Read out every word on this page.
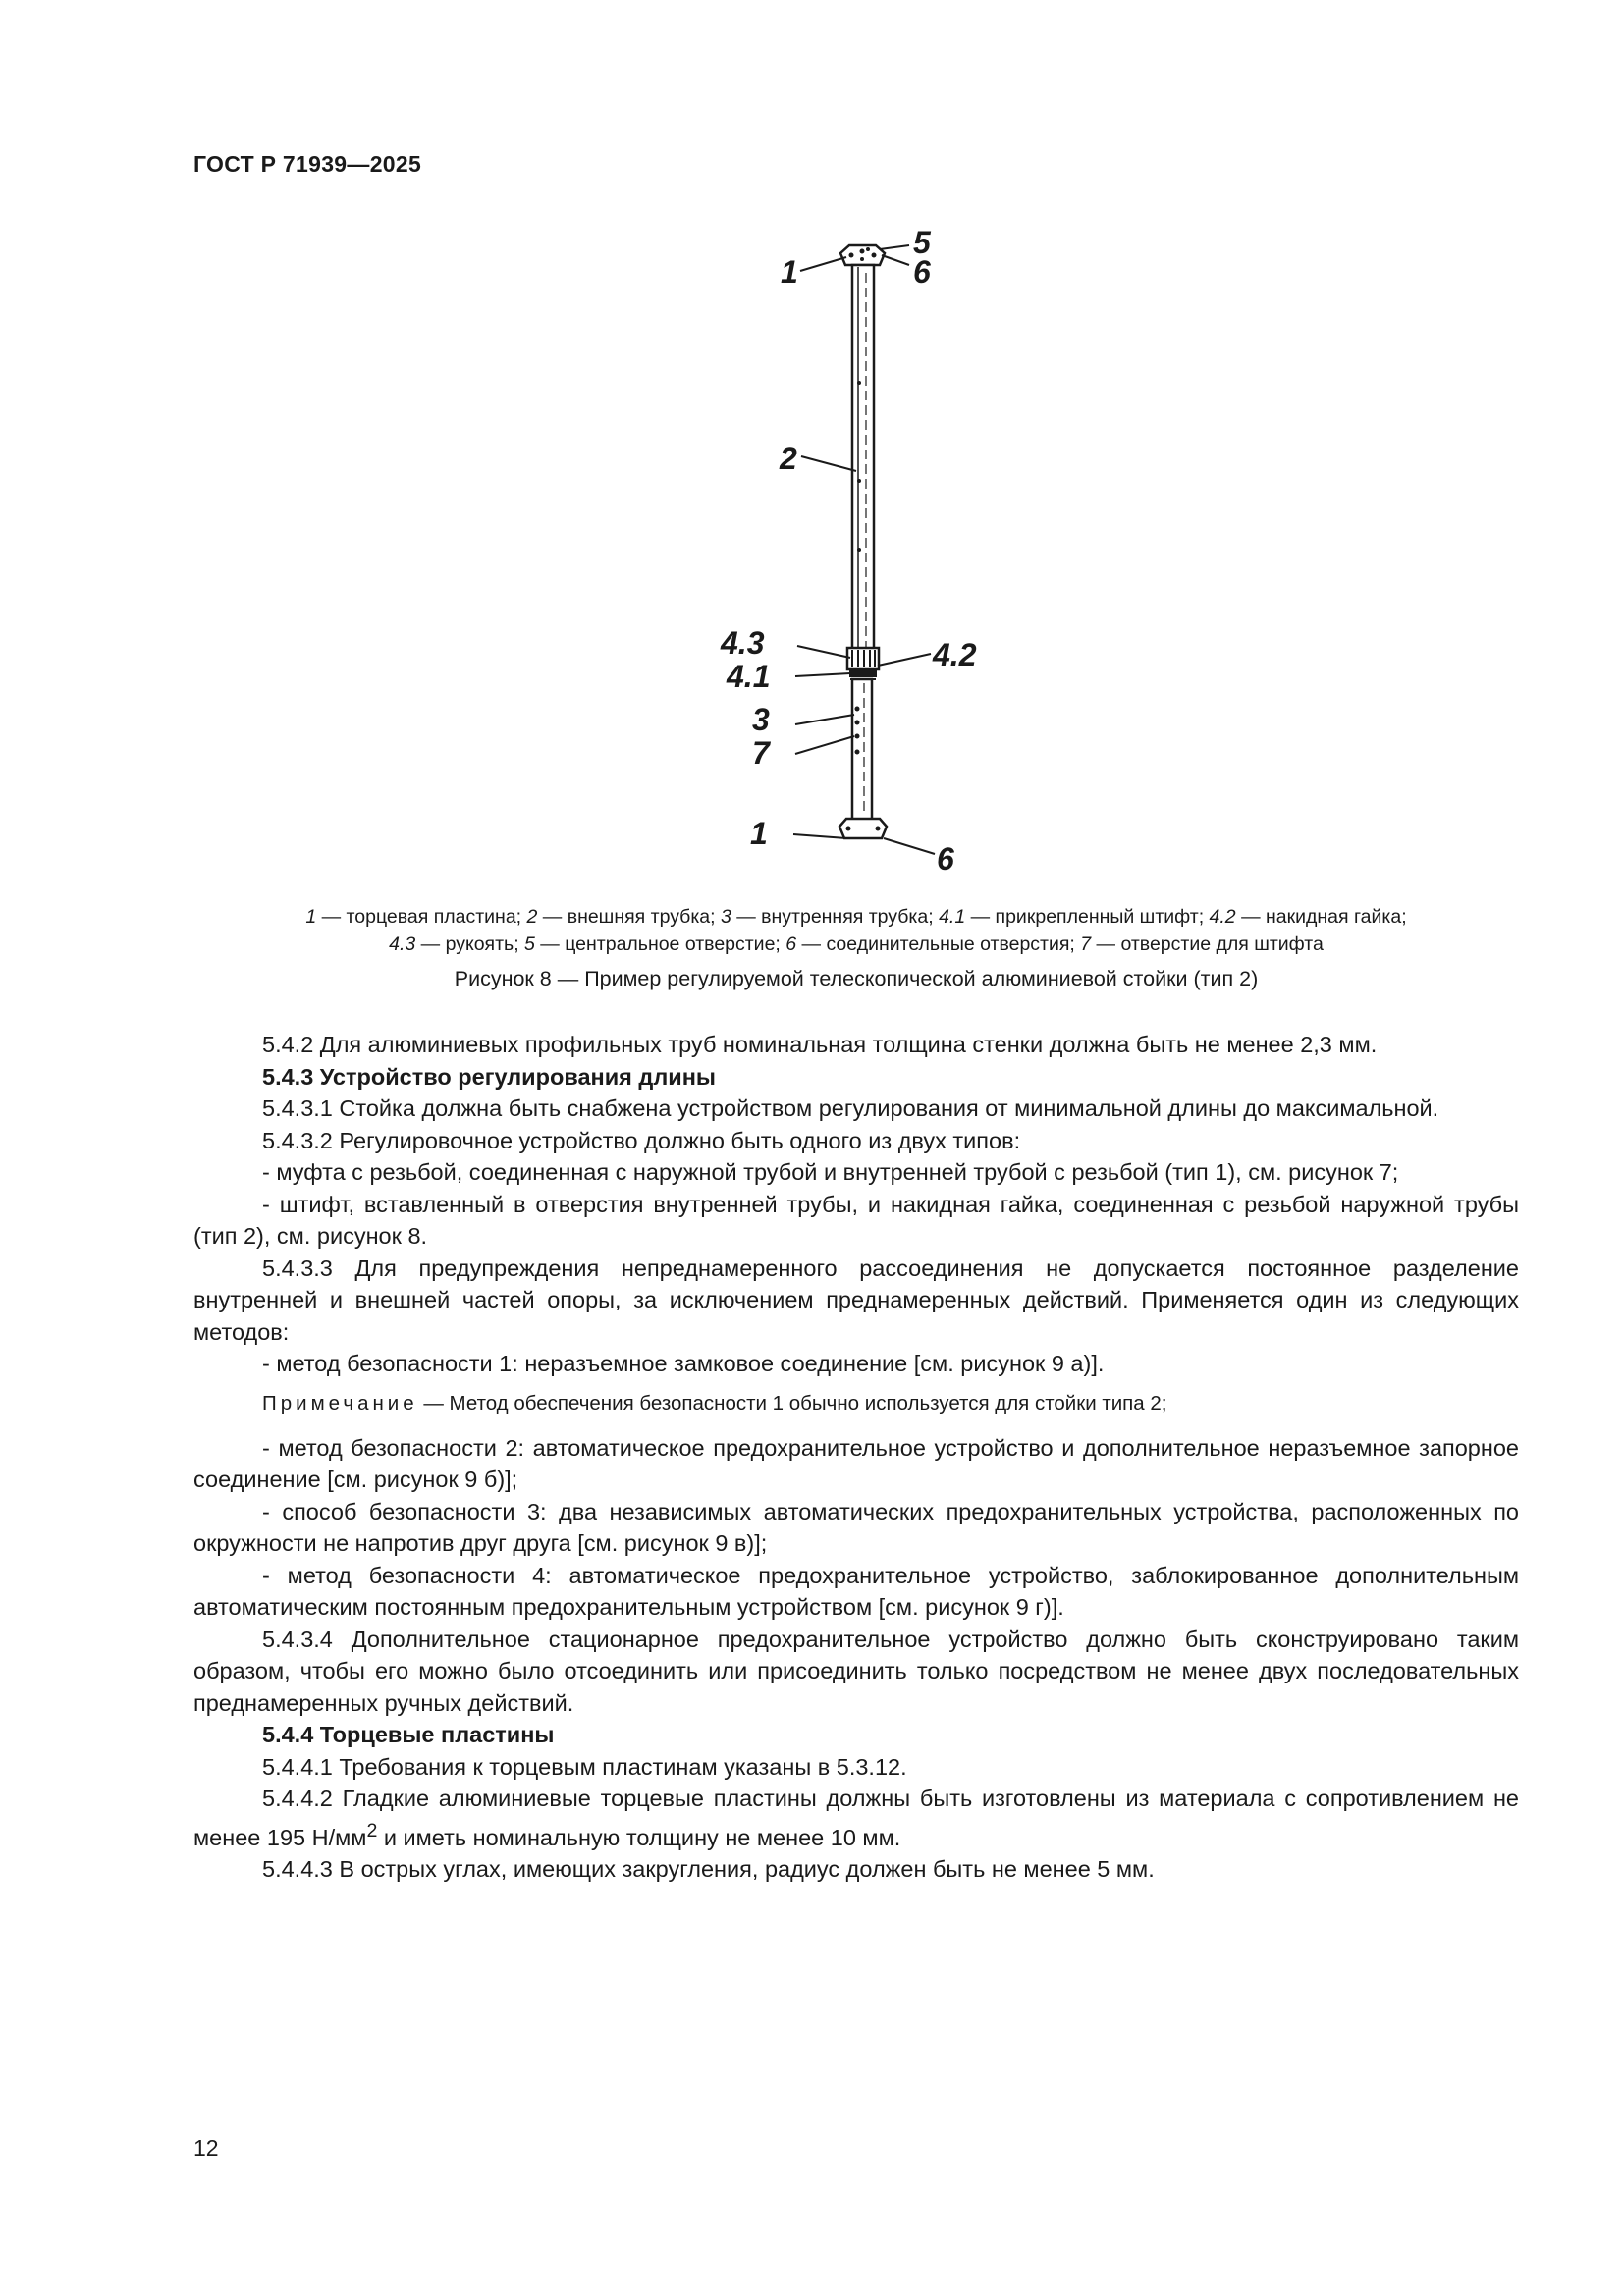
ГОСТ Р 71939—2025
1
5
6
2
4.3	4.2
4.1
3
7
1
6

1 — торцевая пластина; 2 — внешняя трубка; 3 — внутренняя трубка; 4.1 — прикрепленный штифт; 4.2 — накидная гайка;

4.3 — рукоять; 5 — центральное отверстие; 6 — соединительные отверстия; 7 — отверстие для штифта

Рисунок 8 — Пример регулируемой телескопической алюминиевой стойки (тип 2)

5.4.2 Для алюминиевых профильных труб номинальная толщина стенки должна быть не менее 2,3 мм.

5.4.3 Устройство регулирования длины

5.4.3.1 Стойка должна быть снабжена устройством регулирования от минимальной длины до максимальной.

5.4.3.2 Регулировочное устройство должно быть одного из двух типов:

- муфта с резьбой, соединенная с наружной трубой и внутренней трубой с резьбой (тип 1), см. рисунок 7;

- штифт, вставленный в отверстия внутренней трубы, и накидная гайка, соединенная с резьбой наружной трубы (тип 2), см. рисунок 8.

5.4.3.3 Для предупреждения непреднамеренного рассоединения не допускается постоянное разделение внутренней и внешней частей опоры, за исключением преднамеренных действий. Применяется один из следующих методов:

- метод безопасности 1: неразъемное замковое соединение [см. рисунок 9 а)].

Примечание — Метод обеспечения безопасности 1 обычно используется для стойки типа 2;

- метод безопасности 2: автоматическое предохранительное устройство и дополнительное неразъемное запорное соединение [см. рисунок 9 б)];

- способ безопасности 3: два независимых автоматических предохранительных устройства, расположенных по окружности не напротив друг друга [см. рисунок 9 в)];

- метод безопасности 4: автоматическое предохранительное устройство, заблокированное дополнительным автоматическим постоянным предохранительным устройством [см. рисунок 9 г)].

5.4.3.4 Дополнительное стационарное предохранительное устройство должно быть сконструировано таким образом, чтобы его можно было отсоединить или присоединить только посредством не менее двух последовательных преднамеренных ручных действий.

5.4.4 Торцевые пластины

5.4.4.1 Требования к торцевым пластинам указаны в 5.3.12.

5.4.4.2 Гладкие алюминиевые торцевые пластины должны быть изготовлены из материала с сопротивлением не менее 195 $Н/мм^2$ и иметь номинальную толщину не менее 10 мм.

5.4.4.3 В острых углах, имеющих закругления, радиус должен быть не менее 5 мм.

12
